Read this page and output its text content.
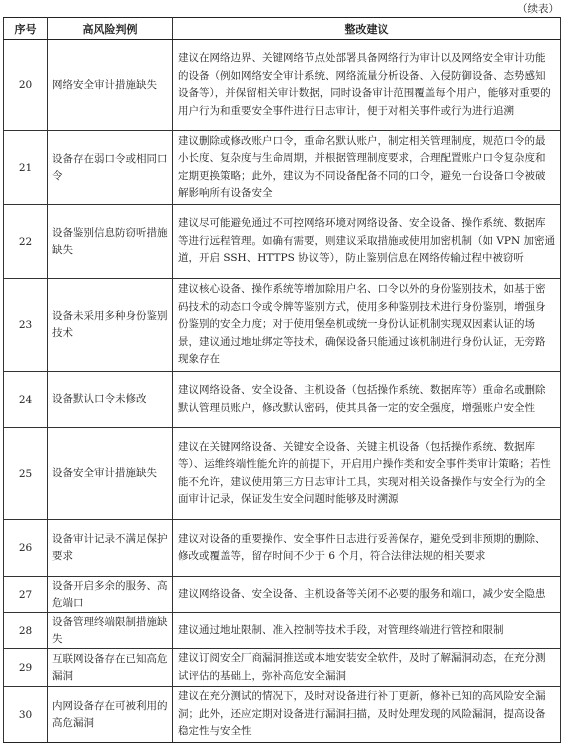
（续表）
序号	高风险判例	整改建议
20	网络安全审计措施缺失	建议在网络边界、关键网络节点处部署具备网络行为审计以及网络安全审计功能的设备（例如网络安全审计系统、网络流量分析设备、入侵防御设备、态势感知设备等），并保留相关审计数据，同时设备审计范围覆盖每个用户，能够对重要的用户行为和重要安全事件进行日志审计，便于对相关事件或行为进行追溯
21	设备存在弱口令或相同口令	建议删除或修改账户口令，重命名默认账户，制定相关管理制度，规范口令的最小长度、复杂度与生命周期，并根据管理制度要求，合理配置账户口令复杂度和定期更换策略；此外，建议为不同设备配备不同的口令，避免一台设备口令被破解影响所有设备安全
22	设备鉴别信息防窃听措施缺失	建议尽可能避免通过不可控网络环境对网络设备、安全设备、操作系统、数据库等进行远程管理。如确有需要，则建议采取措施或使用加密机制（如 VPN 加密通道，开启 SSH、HTTPS 协议等），防止鉴别信息在网络传输过程中被窃听
23	设备未采用多种身份鉴别技术	建议核心设备、操作系统等增加除用户名、口令以外的身份鉴别技术，如基于密码技术的动态口令或令牌等鉴别方式，使用多种鉴别技术进行身份鉴别，增强身份鉴别的安全力度；对于使用堡垒机或统一身份认证机制实现双因素认证的场景，建议通过地址绑定等技术，确保设备只能通过该机制进行身份认证，无旁路现象存在
24	设备默认口令未修改	建议网络设备、安全设备、主机设备（包括操作系统、数据库等）重命名或删除默认管理员账户，修改默认密码，使其具备一定的安全强度，增强账户安全性
25	设备安全审计措施缺失	建议在关键网络设备、关键安全设备、关键主机设备（包括操作系统、数据库等）、运维终端性能允许的前提下，开启用户操作类和安全事件类审计策略；若性能不允许，建议使用第三方日志审计工具，实现对相关设备操作与安全行为的全面审计记录，保证发生安全问题时能够及时溯源
26	设备审计记录不满足保护要求	建议对设备的重要操作、安全事件日志进行妥善保存，避免受到非预期的删除、修改或覆盖等，留存时间不少于 6 个月，符合法律法规的相关要求
27	设备开启多余的服务、高危端口	建议网络设备、安全设备、主机设备等关闭不必要的服务和端口，减少安全隐患
28	设备管理终端限制措施缺失	建议通过地址限制、准入控制等技术手段，对管理终端进行管控和限制
29	互联网设备存在已知高危漏洞	建议订阅安全厂商漏洞推送或本地安装安全软件，及时了解漏洞动态，在充分测试评估的基础上，弥补高危安全漏洞
30	内网设备存在可被利用的高危漏洞	建议在充分测试的情况下，及时对设备进行补丁更新，修补已知的高风险安全漏洞；此外，还应定期对设备进行漏洞扫描，及时处理发现的风险漏洞，提高设备稳定性与安全性
